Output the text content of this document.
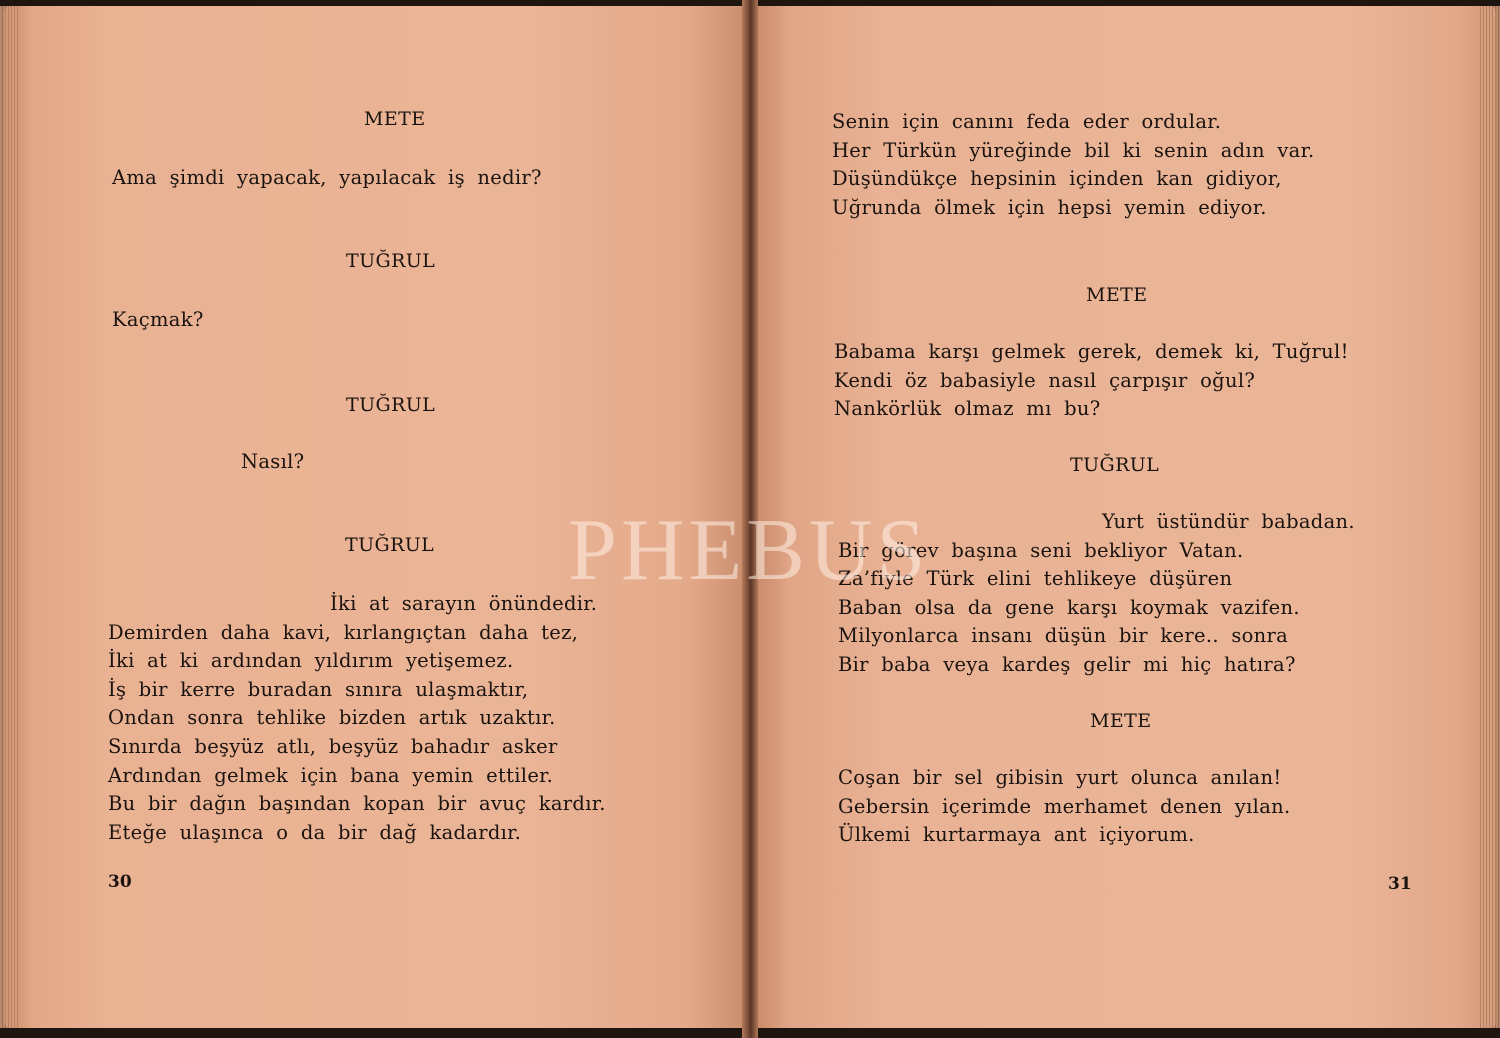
METE
Ama şimdi yapacak, yapılacak iş nedir?
TUĞRUL
Kaçmak?
TUĞRUL
Nasıl?
TUĞRUL
İki at sarayın önündedir.
Demirden daha kavi, kırlangıçtan daha tez,
İki at ki ardından yıldırım yetişemez.
İş bir kerre buradan sınıra ulaşmaktır,
Ondan sonra tehlike bizden artık uzaktır.
Sınırda beşyüz atlı, beşyüz bahadır asker
Ardından gelmek için bana yemin ettiler.
Bu bir dağın başından kopan bir avuç kardır.
Eteğe ulaşınca o da bir dağ kadardır.
30
Senin için canını feda eder ordular.
Her Türkün yüreğinde bil ki senin adın var.
Düşündükçe hepsinin içinden kan gidiyor,
Uğrunda ölmek için hepsi yemin ediyor.
METE
Babama karşı gelmek gerek, demek ki, Tuğrul!
Kendi öz babasiyle nasıl çarpışır oğul?
Nankörlük olmaz mı bu?
TUĞRUL
Yurt üstündür babadan.
Bir görev başına seni bekliyor Vatan.
Za’fiyle Türk elini tehlikeye düşüren
Baban olsa da gene karşı koymak vazifen.
Milyonlarca insanı düşün bir kere.. sonra
Bir baba veya kardeş gelir mi hiç hatıra?
METE
Coşan bir sel gibisin yurt olunca anılan!
Gebersin içerimde merhamet denen yılan.
Ülkemi kurtarmaya ant içiyorum.
31
PHEBUS
